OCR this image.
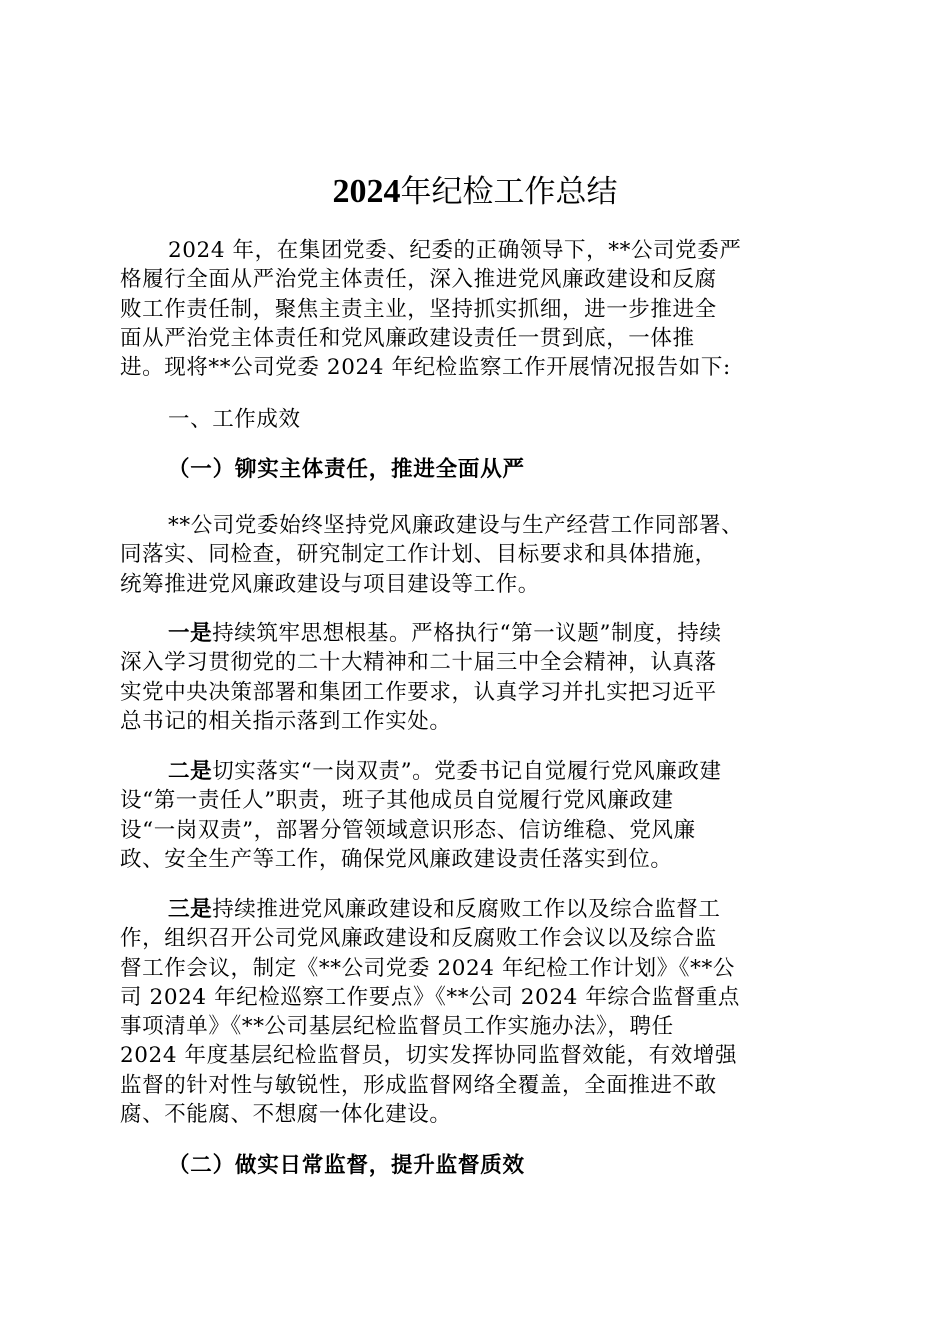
2024年纪检工作总结
2024 年，在集团党委、纪委的正确领导下，**公司党委严
格履行全面从严治党主体责任，深入推进党风廉政建设和反腐
败工作责任制，聚焦主责主业，坚持抓实抓细，进一步推进全
面从严治党主体责任和党风廉政建设责任一贯到底，一体推
进。现将**公司党委 2024 年纪检监察工作开展情况报告如下:
一、工作成效
（一）铆实主体责任，推进全面从严
**公司党委始终坚持党风廉政建设与生产经营工作同部署、
同落实、同检查，研究制定工作计划、目标要求和具体措施，
统筹推进党风廉政建设与项目建设等工作。
一是持续筑牢思想根基。严格执行“第一议题”制度，持续
深入学习贯彻党的二十大精神和二十届三中全会精神，认真落
实党中央决策部署和集团工作要求，认真学习并扎实把习近平
总书记的相关指示落到工作实处。
二是切实落实“一岗双责”。党委书记自觉履行党风廉政建
设“第一责任人”职责，班子其他成员自觉履行党风廉政建
设“一岗双责”，部署分管领域意识形态、信访维稳、党风廉
政、安全生产等工作，确保党风廉政建设责任落实到位。
三是持续推进党风廉政建设和反腐败工作以及综合监督工
作，组织召开公司党风廉政建设和反腐败工作会议以及综合监
督工作会议，制定《**公司党委 2024 年纪检工作计划》《**公
司 2024 年纪检巡察工作要点》《**公司 2024 年综合监督重点
事项清单》《**公司基层纪检监督员工作实施办法》，聘任
2024 年度基层纪检监督员，切实发挥协同监督效能，有效增强
监督的针对性与敏锐性，形成监督网络全覆盖，全面推进不敢
腐、不能腐、不想腐一体化建设。
（二）做实日常监督，提升监督质效
